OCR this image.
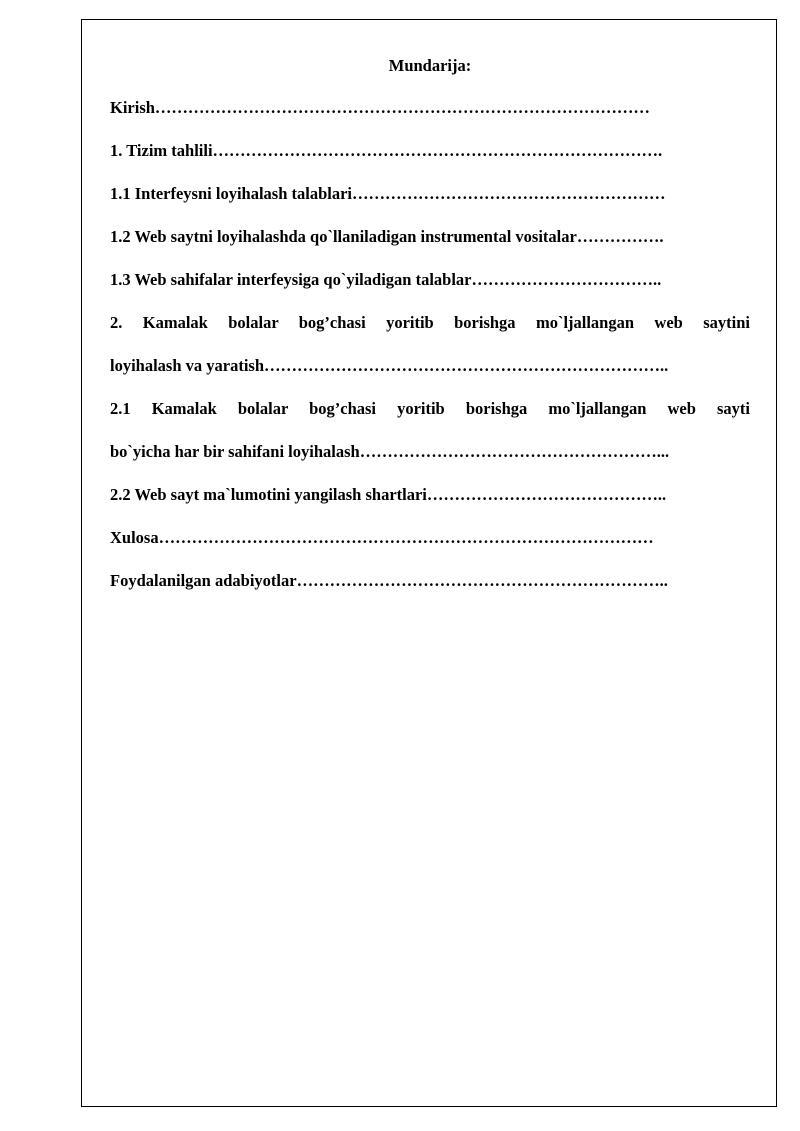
Mundarija:
Kirish………………………………………………………………………………
1. Tizim tahlili……………………………………………………………………….
1.1 Interfeysni loyihalash talablari…………………………………………………
1.2 Web saytni loyihalashda qo`llaniladigan instrumental vositalar…………….
1.3 Web sahifalar interfeysiga qo`yiladigan talablar……………………………..
2. Kamalak bolalar bog’chasi yoritib borishga mo`ljallangan web saytini
loyihalash va yaratish………………………………………………………………..
2.1 Kamalak bolalar bog’chasi yoritib borishga mo`ljallangan web sayti
bo`yicha har bir sahifani loyihalash………………………………………………...
2.2 Web sayt ma`lumotini yangilash shartlari……………………………………..
Xulosa………………………………………………………………………………
Foydalanilgan adabiyotlar…………………………………………………………..
